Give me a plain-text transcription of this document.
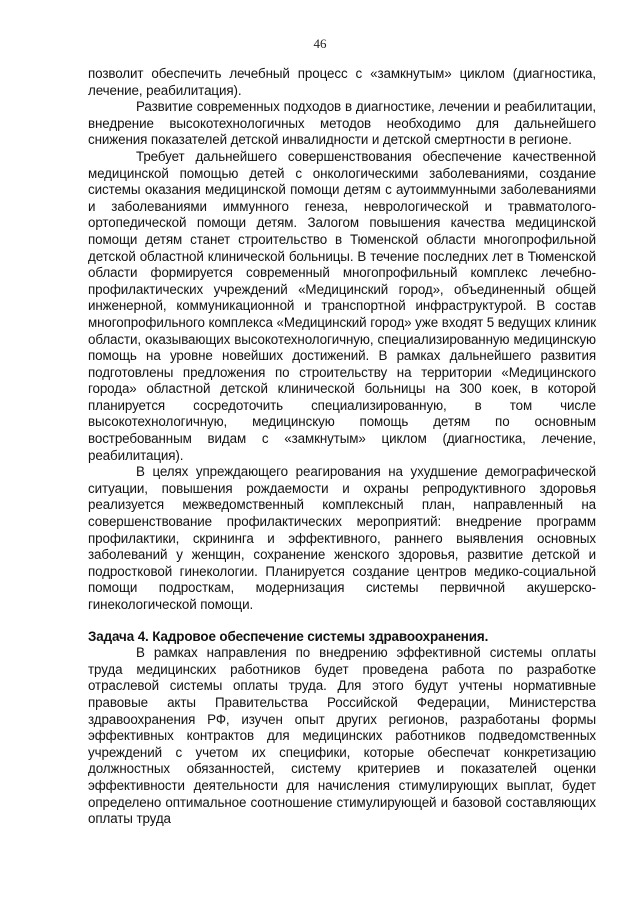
46

позволит обеспечить лечебный процесс с «замкнутым» циклом (диагностика, лечение, реабилитация).

Развитие современных подходов в диагностике, лечении и реабилитации, внедрение высокотехнологичных методов необходимо для дальнейшего снижения показателей детской инвалидности и детской смертности в регионе.

Требует дальнейшего совершенствования обеспечение качественной медицинской помощью детей с онкологическими заболеваниями, создание системы оказания медицинской помощи детям с аутоиммунными заболеваниями и заболеваниями иммунного генеза, неврологической и травматолого-ортопедической помощи детям. Залогом повышения качества медицинской помощи детям станет строительство в Тюменской области многопрофильной детской областной клинической больницы. В течение последних лет в Тюменской области формируется современный многопрофильный комплекс лечебно-профилактических учреждений «Медицинский город», объединенный общей инженерной, коммуникационной и транспортной инфраструктурой. В состав многопрофильного комплекса «Медицинский город» уже входят 5 ведущих клиник области, оказывающих высокотехнологичную, специализированную медицинскую помощь на уровне новейших достижений. В рамках дальнейшего развития подготовлены предложения по строительству на территории «Медицинского города» областной детской клинической больницы на 300 коек, в которой планируется сосредоточить специализированную, в том числе высокотехнологичную, медицинскую помощь детям по основным востребованным видам с «замкнутым» циклом (диагностика, лечение, реабилитация).

В целях упреждающего реагирования на ухудшение демографической ситуации, повышения рождаемости и охраны репродуктивного здоровья реализуется межведомственный комплексный план, направленный на совершенствование профилактических мероприятий: внедрение программ профилактики, скрининга и эффективного, раннего выявления основных заболеваний у женщин, сохранение женского здоровья, развитие детской и подростковой гинекологии. Планируется создание центров медико-социальной помощи подросткам, модернизация системы первичной акушерско-гинекологической помощи.

Задача 4. Кадровое обеспечение системы здравоохранения.

В рамках направления по внедрению эффективной системы оплаты труда медицинских работников будет проведена работа по разработке отраслевой системы оплаты труда. Для этого будут учтены нормативные правовые акты Правительства Российской Федерации, Министерства здравоохранения РФ, изучен опыт других регионов, разработаны формы эффективных контрактов для медицинских работников подведомственных учреждений с учетом их специфики, которые обеспечат конкретизацию должностных обязанностей, систему критериев и показателей оценки эффективности деятельности для начисления стимулирующих выплат, будет определено оптимальное соотношение стимулирующей и базовой составляющих оплаты труда
